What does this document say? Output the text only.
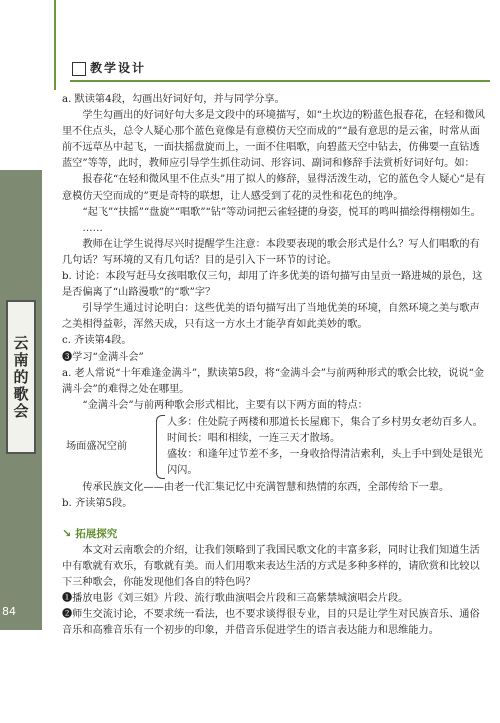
教学设计
云南的歌会
84

a. 默读第4段，勾画出好词好句，并与同学分享。

学生勾画出的好词好句大多是文段中的环境描写，如“土坎边的粉蓝色报春花，在轻和微风里不住点头，总令人疑心那个蓝色竟像是有意模仿天空而成的”“最有意思的是云雀，时常从面前不远草丛中起飞，一面扶摇盘旋而上，一面不住唱歌，向碧蓝天空中钻去，仿佛要一直钻透蓝空”等等，此时，教师应引导学生抓住动词、形容词、副词和修辞手法赏析好词好句。如：

报春花“在轻和微风里不住点头”用了拟人的修辞，显得活泼生动，它的蓝色令人疑心“是有意模仿天空而成的”更是奇特的联想，让人感受到了花的灵性和花色的纯净。

“起飞”“扶摇”“盘旋”“唱歌”“钻”等动词把云雀轻捷的身姿，悦耳的鸣叫描绘得栩栩如生。

……

教师在让学生说得尽兴时提醒学生注意：本段要表现的歌会形式是什么？写人们唱歌的有几句话？写环境的又有几句话？目的是引入下一环节的讨论。

b. 讨论：本段写赶马女孩唱歌仅三句，却用了许多优美的语句描写由呈贡一路进城的景色，这是否偏离了“山路漫歌”的“歌”字？

引导学生通过讨论明白：这些优美的语句描写出了当地优美的环境，自然环境之美与歌声之美相得益彰，浑然天成，只有这一方水土才能孕育如此美妙的歌。

c. 齐读第4段。

❸学习“金满斗会”

a. 老人常说“十年难逢金满斗”，默读第5段，将“金满斗会”与前两种形式的歌会比较，说说“金满斗会”的难得之处在哪里。

“金满斗会”与前两种歌会形式相比，主要有以下两方面的特点：

场面盛况空前

人多：住处院子两楼和那道长长屋廊下，集合了乡村男女老幼百多人。

时间长：唱和相续，一连三天才散场。

盛妆：和逢年过节差不多，一身收拾得清洁索利，头上手中到处是银光闪闪。

传承民族文化——由老一代汇集记忆中充满智慧和热情的东西，全部传给下一辈。

b. 齐读第5段。

↘ 拓展探究

本文对云南歌会的介绍，让我们领略到了我国民歌文化的丰富多彩，同时让我们知道生活中有歌就有欢乐，有歌就有美。而人们用歌来表达生活的方式是多种多样的，请欣赏和比较以下三种歌会，你能发现他们各自的特色吗？

❶播放电影《刘三姐》片段、流行歌曲演唱会片段和三高紫禁城演唱会片段。

❷师生交流讨论，不要求统一看法，也不要求谈得很专业，目的只是让学生对民族音乐、通俗音乐和高雅音乐有一个初步的印象，并借音乐促进学生的语言表达能力和思维能力。
